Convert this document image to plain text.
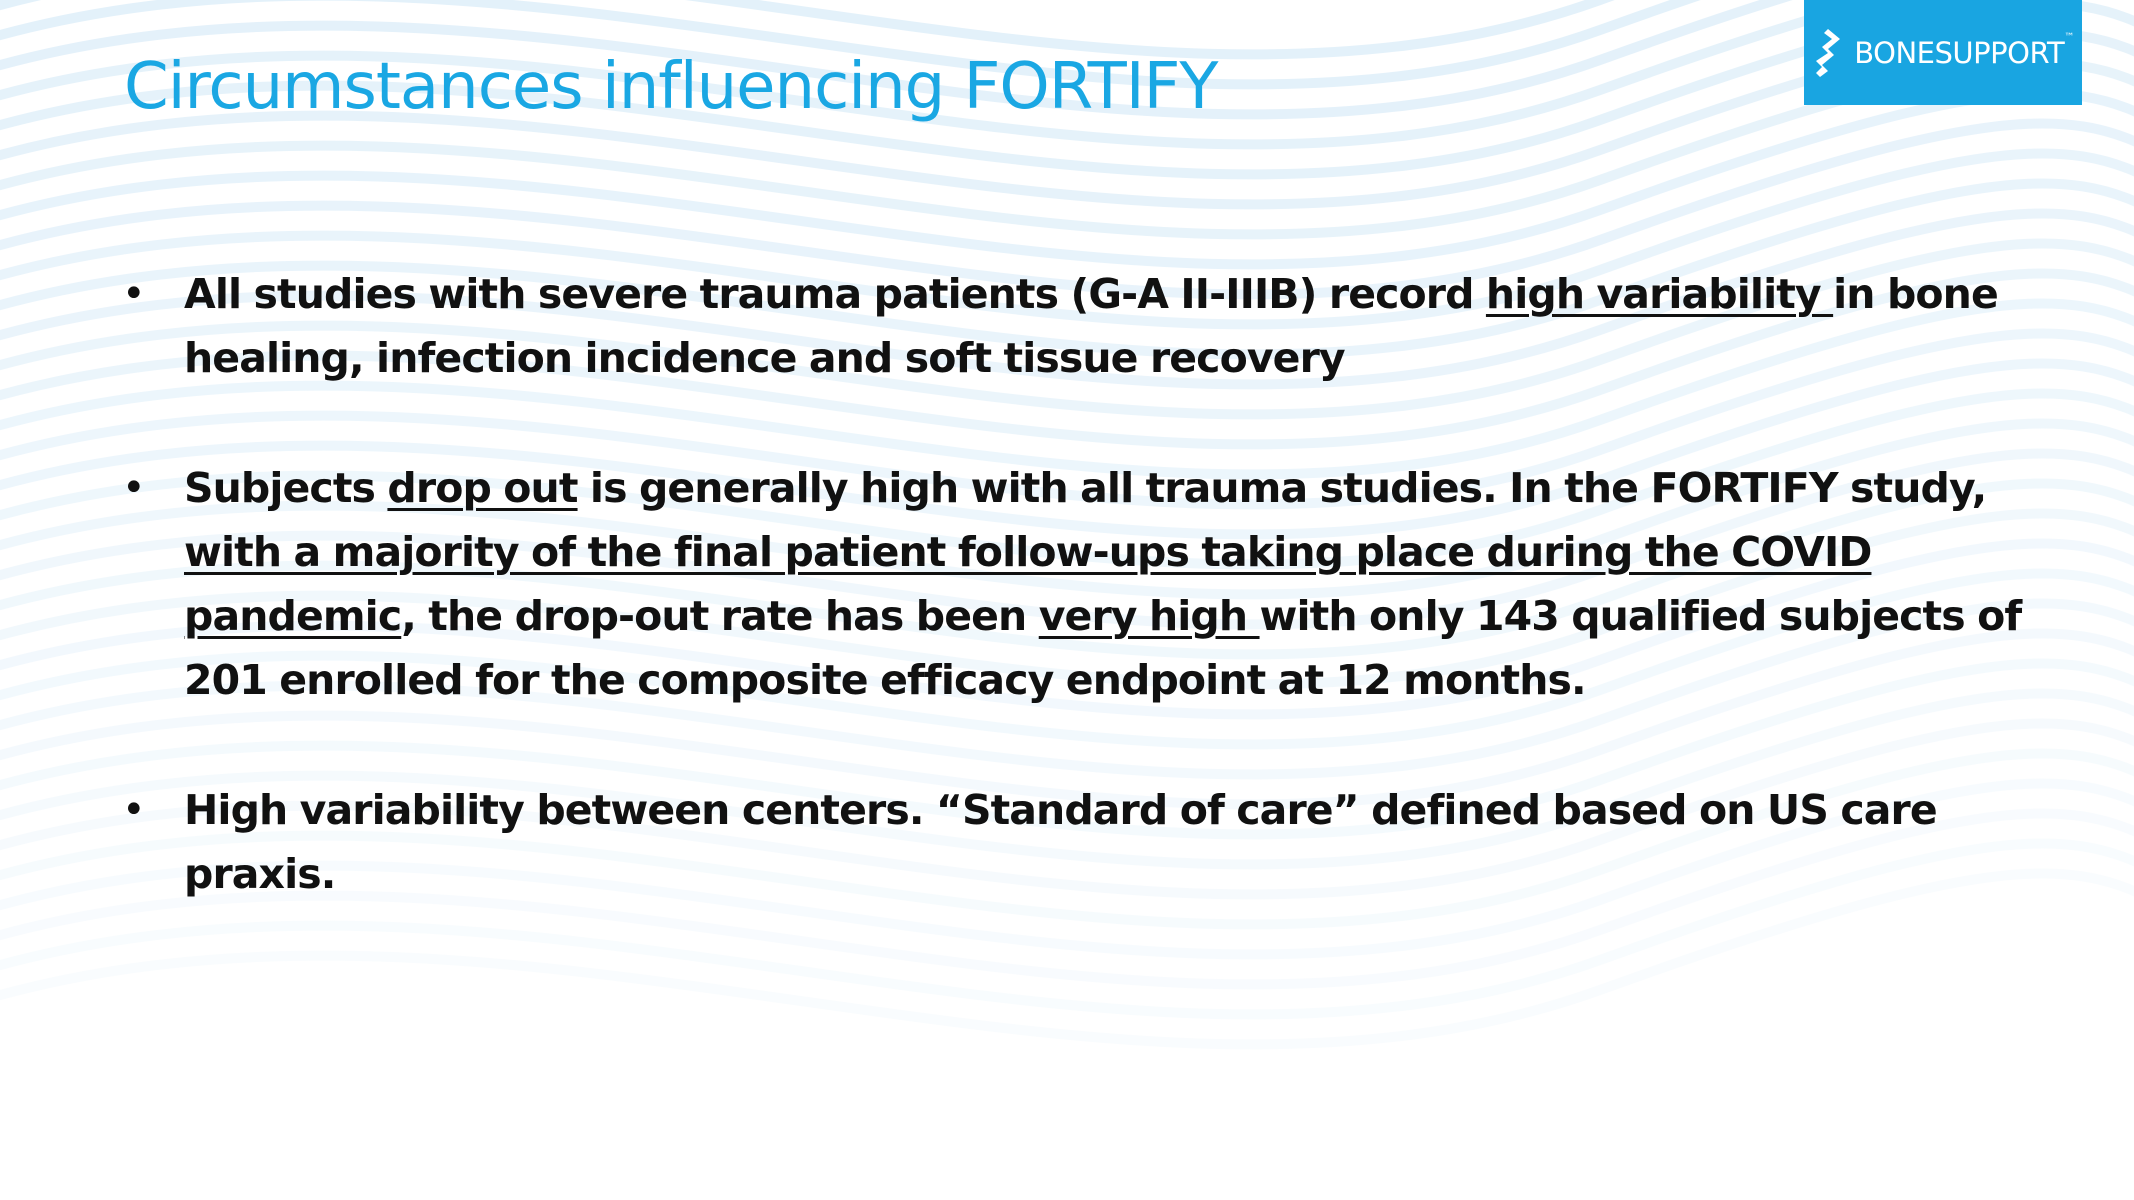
Circumstances influencing FORTIFY	BONESUPPORT™
• All studies with severe trauma patients (G-A II-IIIB) record high variability in bone healing, infection incidence and soft tissue recovery
• Subjects drop out is generally high with all trauma studies. In the FORTIFY study, with a majority of the final patient follow-ups taking place during the COVID pandemic, the drop-out rate has been very high with only 143 qualified subjects of 201 enrolled for the composite efficacy endpoint at 12 months.
• High variability between centers. “Standard of care” defined based on US care praxis.
